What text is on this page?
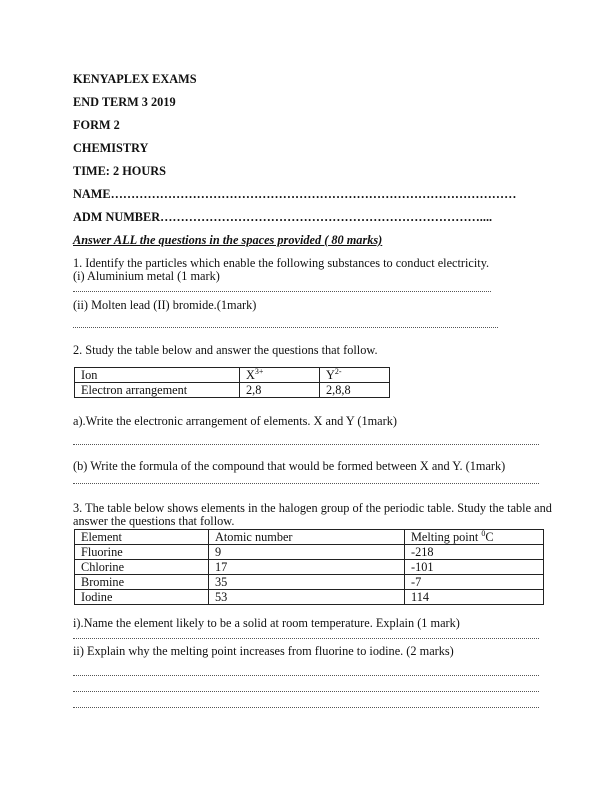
KENYAPLEX EXAMS
END TERM 3 2019
FORM 2
CHEMISTRY
TIME: 2 HOURS
NAME………………………………………………………………………………………
ADM NUMBER……………………………………………………………………....
Answer ALL the questions in the spaces provided ( 80 marks)
1. Identify the particles which enable the following substances to conduct electricity.
(i) Aluminium metal (1 mark)
(ii) Molten lead (II) bromide.(1mark)
2. Study the table below and answer the questions that follow.
Ion	$X^{3+}$	$Y^{2-}$
Electron arrangement	2,8	2,8,8
a).Write the electronic arrangement of elements. X and Y (1mark)
(b) Write the formula of the compound that would be formed between X and Y. (1mark)
3. The table below shows elements in the halogen group of the periodic table. Study the table and
answer the questions that follow.
Element	Atomic number	Melting point $^0$C
Fluorine	9	-218
Chlorine	17	-101
Bromine	35	-7
Iodine	53	114
i).Name the element likely to be a solid at room temperature. Explain (1 mark)
ii) Explain why the melting point increases from fluorine to iodine. (2 marks)
